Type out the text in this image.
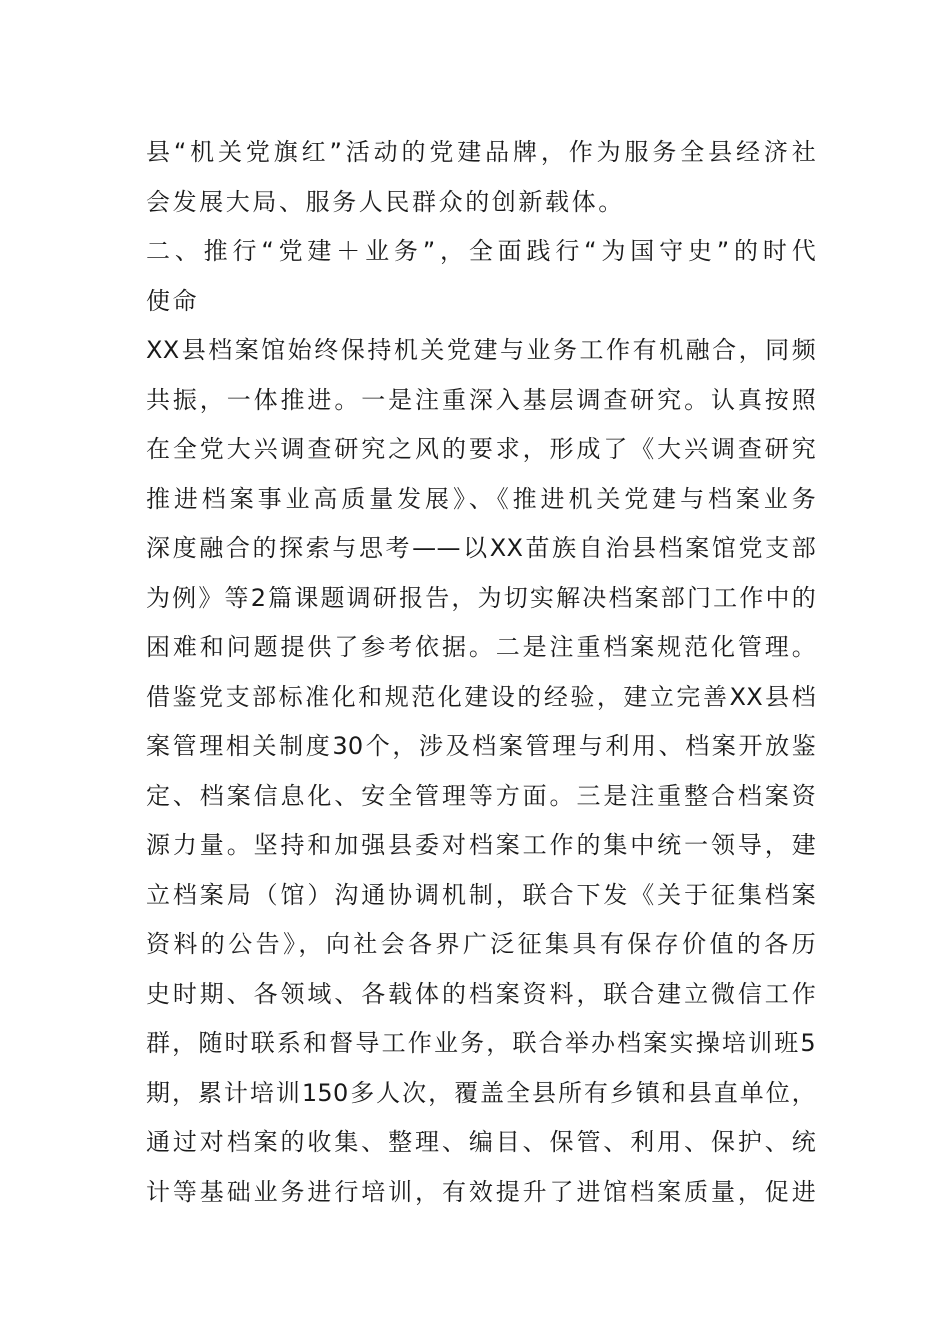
县“机关党旗红”活动的党建品牌，作为服务全县经济社
会发展大局、服务人民群众的创新载体。
二、推行“党建＋业务”，全面践行“为国守史”的时代
使命
XX县档案馆始终保持机关党建与业务工作有机融合，同频
共振，一体推进。一是注重深入基层调查研究。认真按照
在全党大兴调查研究之风的要求，形成了《大兴调查研究
推进档案事业高质量发展》、《推进机关党建与档案业务
深度融合的探索与思考——以XX苗族自治县档案馆党支部
为例》等2篇课题调研报告，为切实解决档案部门工作中的
困难和问题提供了参考依据。二是注重档案规范化管理。
借鉴党支部标准化和规范化建设的经验，建立完善XX县档
案管理相关制度30个，涉及档案管理与利用、档案开放鉴
定、档案信息化、安全管理等方面。三是注重整合档案资
源力量。坚持和加强县委对档案工作的集中统一领导，建
立档案局（馆）沟通协调机制，联合下发《关于征集档案
资料的公告》，向社会各界广泛征集具有保存价值的各历
史时期、各领域、各载体的档案资料，联合建立微信工作
群，随时联系和督导工作业务，联合举办档案实操培训班5
期，累计培训150多人次，覆盖全县所有乡镇和县直单位，
通过对档案的收集、整理、编目、保管、利用、保护、统
计等基础业务进行培训，有效提升了进馆档案质量，促进
